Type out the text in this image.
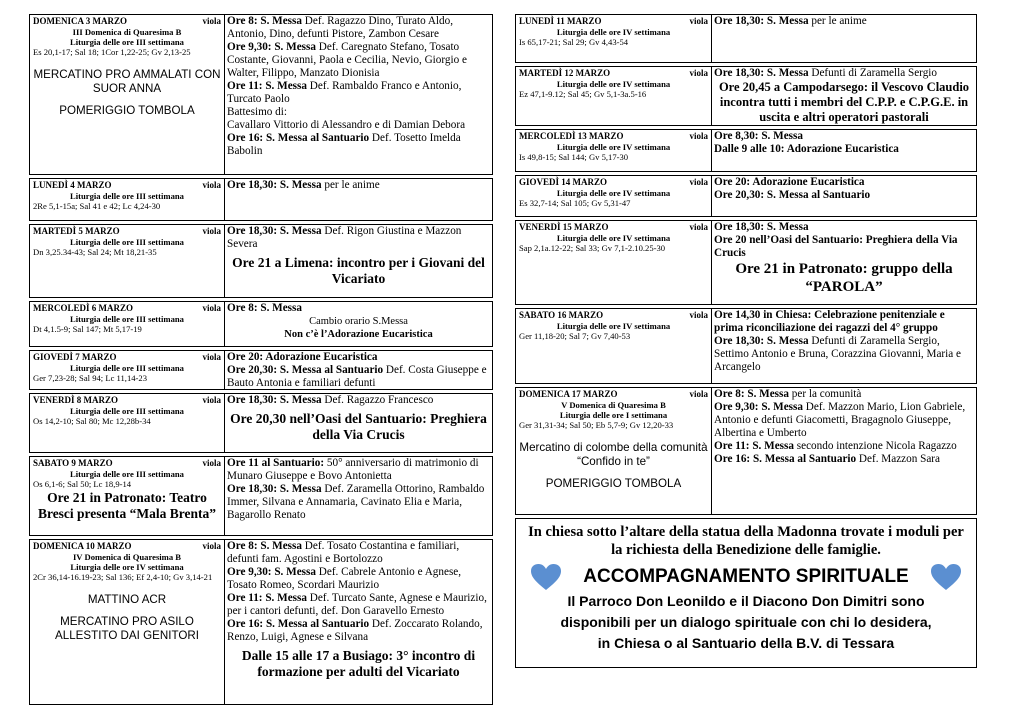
DOMENICA 3 MARZO	viola
III Domenica di Quaresima B
Liturgia delle ore III settimana
Es 20,1-17; Sal 18; 1Cor 1,22-25; Gv 2,13-25
MERCATINO PRO AMMALATI CON SUOR ANNA
POMERIGGIO TOMBOLA
Ore 8: S. Messa Def. Ragazzo Dino, Turato Aldo, Antonio, Dino, defunti Pistore, Zambon Cesare
Ore 9,30: S. Messa Def. Caregnato Stefano, Tosato Costante, Giovanni, Paola e Cecilia, Nevio, Giorgio e Walter, Filippo, Manzato Dionisia
Ore 11: S. Messa Def. Rambaldo Franco e Antonio, Turcato Paolo
Battesimo di:
Cavallaro Vittorio di Alessandro e di Damian Debora
Ore 16: S. Messa al Santuario Def. Tosetto Imelda Babolin
LUNEDÌ 4 MARZO	viola
Liturgia delle ore III settimana
2Re 5,1-15a; Sal 41 e 42; Lc 4,24-30
Ore 18,30: S. Messa per le anime
MARTEDÌ 5 MARZO	viola
Liturgia delle ore III settimana
Dn 3,25.34-43; Sal 24; Mt 18,21-35
Ore 18,30: S. Messa Def. Rigon Giustina e Mazzon Severa
Ore 21 a Limena: incontro per i Giovani del Vicariato
MERCOLEDÌ 6 MARZO	viola
Liturgia delle ore III settimana
Dt 4,1.5-9; Sal 147; Mt 5,17-19
Ore 8: S. Messa
Cambio orario S.Messa
Non c’è l’Adorazione Eucaristica
GIOVEDÌ 7 MARZO	viola
Liturgia delle ore III settimana
Ger 7,23-28; Sal 94; Lc 11,14-23
Ore 20: Adorazione Eucaristica
Ore 20,30: S. Messa al Santuario Def. Costa Giuseppe e Bauto Antonia e familiari defunti
VENERDÌ 8 MARZO	viola
Liturgia delle ore III settimana
Os 14,2-10; Sal 80; Mc 12,28b-34
Ore 18,30: S. Messa Def. Ragazzo Francesco
Ore 20,30 nell’Oasi del Santuario: Preghiera della Via Crucis
SABATO 9 MARZO	viola
Liturgia delle ore III settimana
Os 6,1-6; Sal 50; Lc 18,9-14
Ore 21 in Patronato: Teatro Bresci presenta “Mala Brenta”
Ore 11 al Santuario: 50° anniversario di matrimonio di Munaro Giuseppe e Bovo Antonietta
Ore 18,30: S. Messa Def. Zaramella Ottorino, Rambaldo Immer, Silvana e Annamaria, Cavinato Elia e Maria, Bagarollo Renato
DOMENICA 10 MARZO	viola
IV Domenica di Quaresima B
Liturgia delle ore IV settimana
2Cr 36,14-16.19-23; Sal 136; Ef 2,4-10; Gv 3,14-21
MATTINO ACR
MERCATINO PRO ASILO ALLESTITO DAI GENITORI
Ore 8: S. Messa Def. Tosato Costantina e familiari, defunti fam. Agostini e Bortolozzo
Ore 9,30: S. Messa Def. Cabrele Antonio e Agnese, Tosato Romeo, Scordari Maurizio
Ore 11: S. Messa Def. Turcato Sante, Agnese e Maurizio, per i cantori defunti, def. Don Garavello Ernesto
Ore 16: S. Messa al Santuario Def. Zoccarato Rolando, Renzo, Luigi, Agnese e Silvana
Dalle 15 alle 17 a Busiago: 3° incontro di formazione per adulti del Vicariato
LUNEDÌ 11 MARZO	viola
Liturgia delle ore IV settimana
Is 65,17-21; Sal 29; Gv 4,43-54
Ore 18,30: S. Messa per le anime
MARTEDÌ 12 MARZO	viola
Liturgia delle ore IV settimana
Ez 47,1-9.12; Sal 45; Gv 5,1-3a.5-16
Ore 18,30: S. Messa Defunti di Zaramella Sergio
Ore 20,45 a Campodarsego: il Vescovo Claudio incontra tutti i membri del C.P.P. e C.P.G.E. in uscita e altri operatori pastorali
MERCOLEDÌ 13 MARZO	viola
Liturgia delle ore IV settimana
Is 49,8-15; Sal 144; Gv 5,17-30
Ore 8,30: S. Messa
Dalle 9 alle 10: Adorazione Eucaristica
GIOVEDÌ 14 MARZO	viola
Liturgia delle ore IV settimana
Es 32,7-14; Sal 105; Gv 5,31-47
Ore 20: Adorazione Eucaristica
Ore 20,30: S. Messa al Santuario
VENERDÌ 15 MARZO	viola
Liturgia delle ore IV settimana
Sap 2,1a.12-22; Sal 33; Gv 7,1-2.10.25-30
Ore 18,30: S. Messa
Ore 20 nell’Oasi del Santuario: Preghiera della Via Crucis
Ore 21 in Patronato: gruppo della “PAROLA”
SABATO 16 MARZO	viola
Liturgia delle ore IV settimana
Ger 11,18-20; Sal 7; Gv 7,40-53
Ore 14,30 in Chiesa: Celebrazione penitenziale e prima riconciliazione dei ragazzi del 4° gruppo
Ore 18,30: S. Messa Defunti di Zaramella Sergio, Settimo Antonio e Bruna, Corazzina Giovanni, Maria e Arcangelo
DOMENICA 17 MARZO	viola
V Domenica di Quaresima B
Liturgia delle ore I settimana
Ger 31,31-34; Sal 50; Eb 5,7-9; Gv 12,20-33
Mercatino di colombe della comunità “Confido in te”
POMERIGGIO TOMBOLA
Ore 8: S. Messa per la comunità
Ore 9,30: S. Messa Def. Mazzon Mario, Lion Gabriele, Antonio e defunti Giacometti, Bragagnolo Giuseppe, Albertina e Umberto
Ore 11: S. Messa secondo intenzione Nicola Ragazzo
Ore 16: S. Messa al Santuario Def. Mazzon Sara
In chiesa sotto l’altare della statua della Madonna trovate i moduli per la richiesta della Benedizione delle famiglie.
ACCOMPAGNAMENTO SPIRITUALE
Il Parroco Don Leonildo e il Diacono Don Dimitri sono
disponibili per un dialogo spirituale con chi lo desidera,
in Chiesa o al Santuario della B.V. di Tessara
